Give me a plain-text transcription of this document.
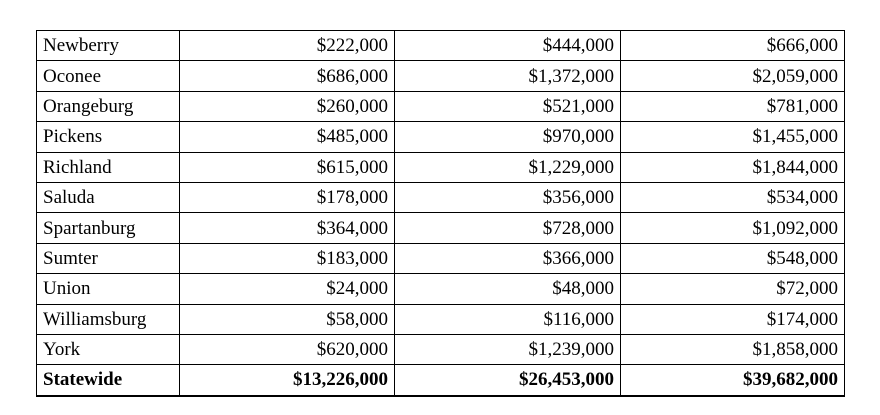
Newberry	$222,000	$444,000	$666,000
Oconee	$686,000	$1,372,000	$2,059,000
Orangeburg	$260,000	$521,000	$781,000
Pickens	$485,000	$970,000	$1,455,000
Richland	$615,000	$1,229,000	$1,844,000
Saluda	$178,000	$356,000	$534,000
Spartanburg	$364,000	$728,000	$1,092,000
Sumter	$183,000	$366,000	$548,000
Union	$24,000	$48,000	$72,000
Williamsburg	$58,000	$116,000	$174,000
York	$620,000	$1,239,000	$1,858,000
Statewide	$13,226,000	$26,453,000	$39,682,000
